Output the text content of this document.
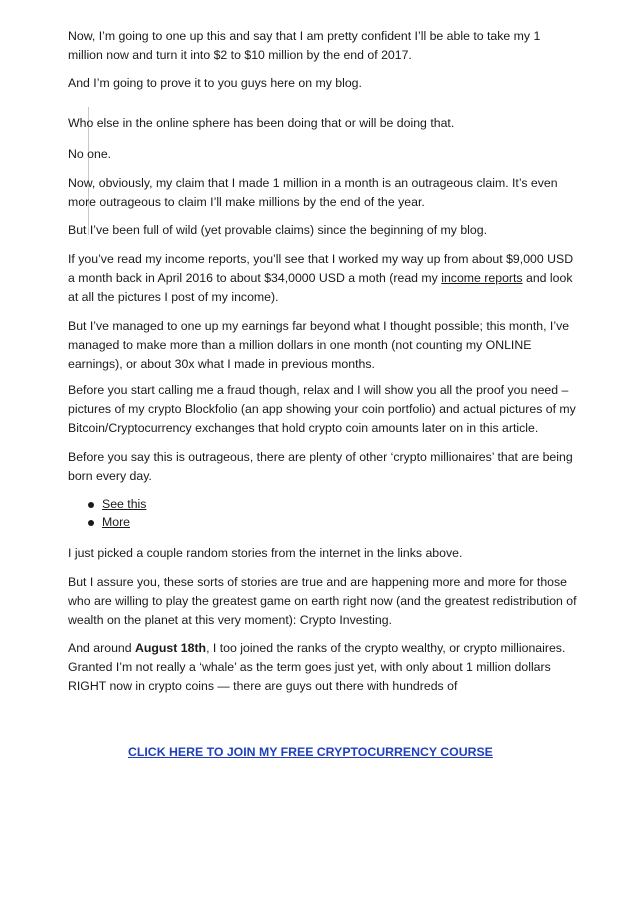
Now, I’m going to one up this and say that I am pretty confident I’ll be able to take my 1 million now and turn it into $2 to $10 million by the end of 2017.

And I’m going to prove it to you guys here on my blog.

Who else in the online sphere has been doing that or will be doing that.

No one.

Now, obviously, my claim that I made 1 million in a month is an outrageous claim. It’s even more outrageous to claim I’ll make millions by the end of the year.

But I’ve been full of wild (yet provable claims) since the beginning of my blog.

If you’ve read my income reports, you’ll see that I worked my way up from about $9,000 USD a month back in April 2016 to about $34,0000 USD a moth (read my income reports and look at all the pictures I post of my income).

But I’ve managed to one up my earnings far beyond what I thought possible; this month, I’ve managed to make more than a million dollars in one month (not counting my ONLINE earnings), or about 30x what I made in previous months.

Before you start calling me a fraud though, relax and I will show you all the proof you need – pictures of my crypto Blockfolio (an app showing your coin portfolio) and actual pictures of my Bitcoin/Cryptocurrency exchanges that hold crypto coin amounts later on in this article.

Before you say this is outrageous, there are plenty of other ‘crypto millionaires’ that are being born every day.

See this
More

I just picked a couple random stories from the internet in the links above.

But I assure you, these sorts of stories are true and are happening more and more for those who are willing to play the greatest game on earth right now (and the greatest redistribution of wealth on the planet at this very moment): Crypto Investing.

And around August 18th, I too joined the ranks of the crypto wealthy, or crypto millionaires. Granted I’m not really a ‘whale’ as the term goes just yet, with only about 1 million dollars RIGHT now in crypto coins — there are guys out there with hundreds of

CLICK HERE TO JOIN MY FREE CRYPTOCURRENCY COURSE
